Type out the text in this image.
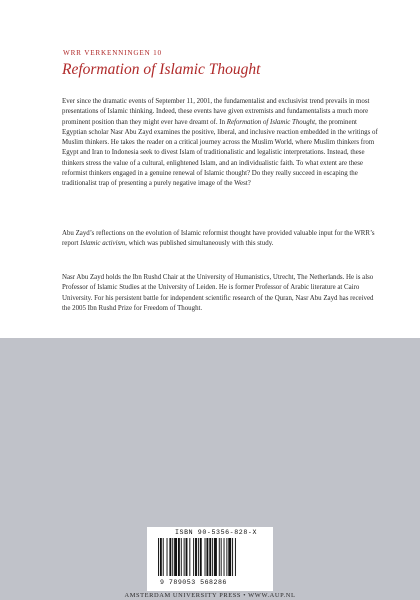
WRR VERKENNINGEN 10
Reformation of Islamic Thought

Ever since the dramatic events of September 11, 2001, the fundamentalist and exclusivist trend prevails in most presentations of Islamic thinking. Indeed, these events have given extremists and fundamentalists a much more prominent position than they might ever have dreamt of. In Reformation of Islamic Thought, the prominent Egyptian scholar Nasr Abu Zayd examines the positive, liberal, and inclusive reaction embedded in the writings of Muslim thinkers. He takes the reader on a critical journey across the Muslim World, where Muslim thinkers from Egypt and Iran to Indonesia seek to divest Islam of traditionalistic and legalistic interpretations. Instead, these thinkers stress the value of a cultural, enlightened Islam, and an individualistic faith. To what extent are these reformist thinkers engaged in a genuine renewal of Islamic thought? Do they really succeed in escaping the traditionalist trap of presenting a purely negative image of the West?

Abu Zayd’s reflections on the evolution of Islamic reformist thought have provided valuable input for the WRR’s report Islamic activism, which was published simultaneously with this study.

Nasr Abu Zayd holds the Ibn Rushd Chair at the University of Humanistics, Utrecht, The Netherlands. He is also Professor of Islamic Studies at the University of Leiden. He is former Professor of Arabic literature at Cairo University. For his persistent battle for independent scientific research of the Quran, Nasr Abu Zayd has received the 2005 Ibn Rushd Prize for Freedom of Thought.

ISBN 90-5356-828-X
9 789053 568286
AMSTERDAM UNIVERSITY PRESS • WWW.AUP.NL
